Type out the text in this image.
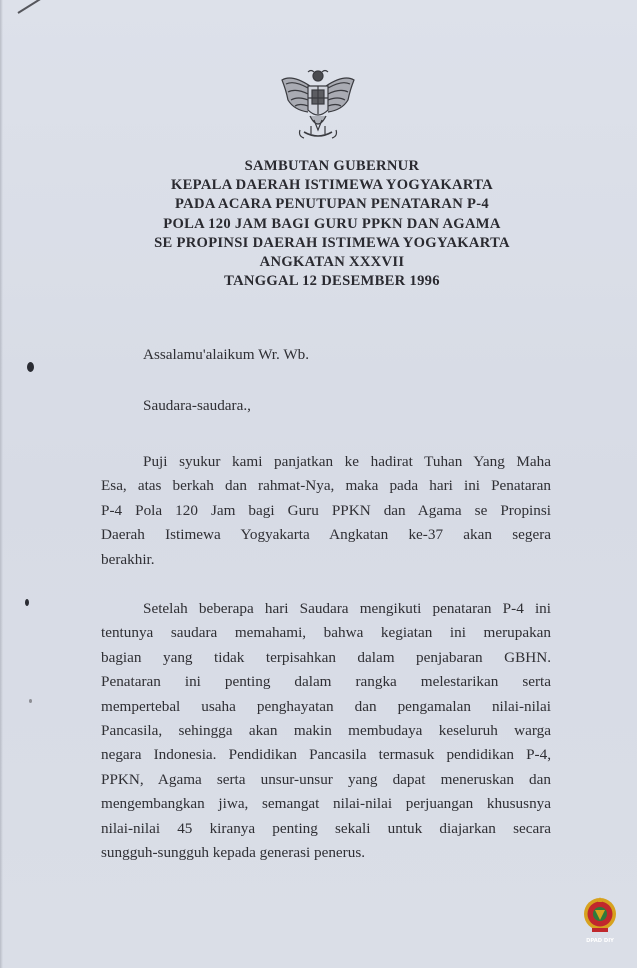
SAMBUTAN GUBERNUR
KEPALA DAERAH ISTIMEWA YOGYAKARTA
PADA ACARA PENUTUPAN PENATARAN P-4
POLA 120 JAM BAGI GURU PPKN DAN AGAMA
SE PROPINSI DAERAH ISTIMEWA YOGYAKARTA
ANGKATAN XXXVII
TANGGAL 12 DESEMBER 1996
Assalamu'alaikum Wr. Wb.
Saudara-saudara.,
Puji syukur kami panjatkan ke hadirat Tuhan Yang Maha
Esa, atas berkah dan rahmat-Nya, maka pada hari ini Penataran
P-4 Pola 120 Jam bagi Guru PPKN dan Agama se Propinsi
Daerah Istimewa Yogyakarta Angkatan ke-37 akan segera
berakhir.
Setelah beberapa hari Saudara mengikuti penataran P-4 ini
tentunya saudara memahami, bahwa kegiatan ini merupakan
bagian yang tidak terpisahkan dalam penjabaran GBHN.
Penataran ini penting dalam rangka melestarikan serta
mempertebal usaha penghayatan dan pengamalan nilai-nilai
Pancasila, sehingga akan makin membudaya keseluruh warga
negara Indonesia. Pendidikan Pancasila termasuk pendidikan P-4,
PPKN, Agama serta unsur-unsur yang dapat meneruskan dan
mengembangkan jiwa, semangat nilai-nilai perjuangan khususnya
nilai-nilai 45 kiranya penting sekali untuk diajarkan secara
sungguh-sungguh kepada generasi penerus.
DPAD DIY
